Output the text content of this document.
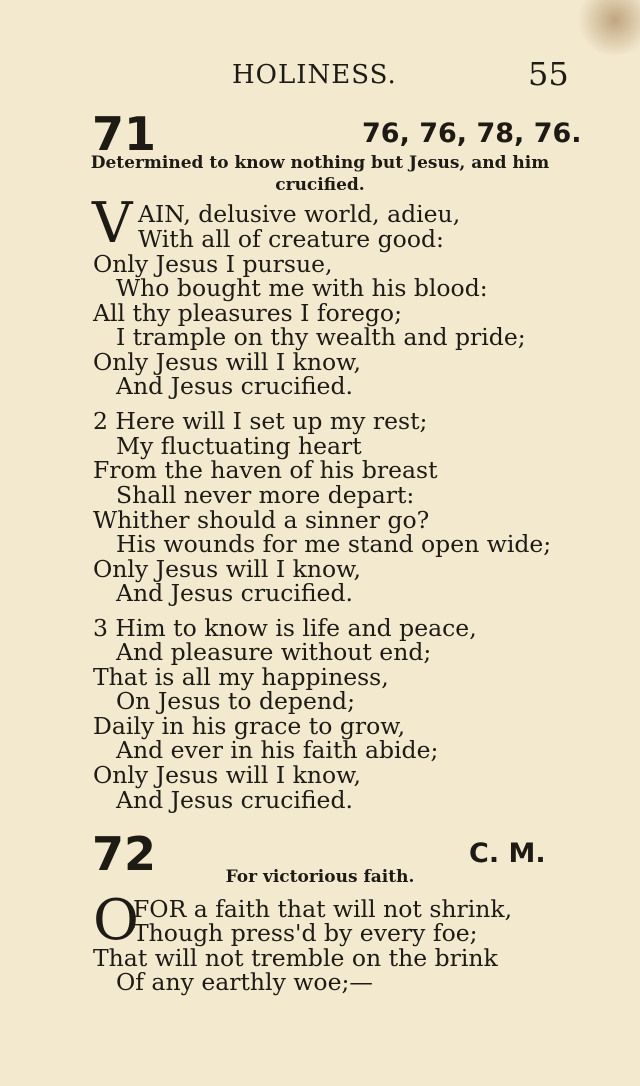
HOLINESS.	55
71	76, 76, 78, 76.
Determined to know nothing but Jesus, and him
crucified.
V AIN, delusive world, adieu,
With all of creature good:
Only Jesus I pursue,
Who bought me with his blood:
All thy pleasures I forego;
I trample on thy wealth and pride;
Only Jesus will I know,
And Jesus crucified.
2 Here will I set up my rest;
My fluctuating heart
From the haven of his breast
Shall never more depart:
Whither should a sinner go?
His wounds for me stand open wide;
Only Jesus will I know,
And Jesus crucified.
3 Him to know is life and peace,
And pleasure without end;
That is all my happiness,
On Jesus to depend;
Daily in his grace to grow,
And ever in his faith abide;
Only Jesus will I know,
And Jesus crucified.
72	C. M.
For victorious faith.
O
FOR a faith that will not shrink,
Though press'd by every foe;
That will not tremble on the brink
Of any earthly woe;—
